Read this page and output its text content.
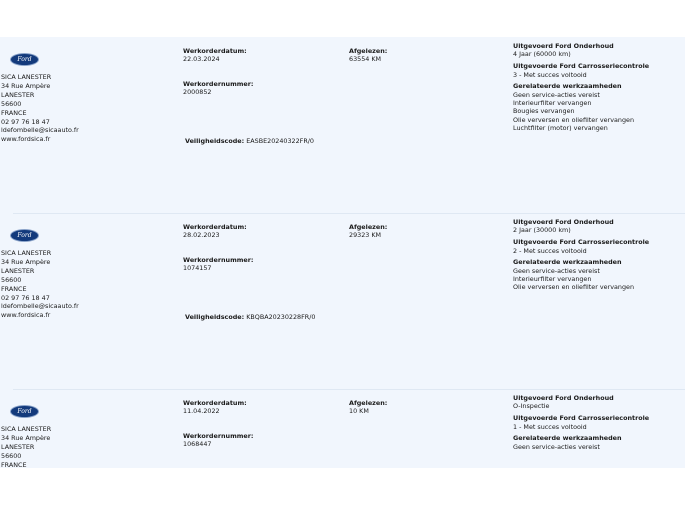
Ford
SICA LANESTER
34 Rue Ampère
LANESTER
56600
FRANCE
02 97 76 18 47
ldefombelle@sicaauto.fr
www.fordsica.fr
Werkorderdatum:
22.03.2024
Werkordernummer:
2000852
Afgelezen:
63554 KM
Veiligheidscode: EASBE20240322FR/0
Uitgevoerd Ford Onderhoud
4 Jaar (60000 km)
Uitgevoerde Ford Carrosseriecontrole
3 - Met succes voltooid
Gerelateerde werkzaamheden
Geen service-acties vereist
Interieurfilter vervangen
Bougies vervangen
Olie verversen en oliefilter vervangen
Luchtfilter (motor) vervangen
Ford
SICA LANESTER
34 Rue Ampère
LANESTER
56600
FRANCE
02 97 76 18 47
ldefombelle@sicaauto.fr
www.fordsica.fr
Werkorderdatum:
28.02.2023
Werkordernummer:
1074157
Afgelezen:
29323 KM
Veiligheidscode: KBQBA20230228FR/0
Uitgevoerd Ford Onderhoud
2 Jaar (30000 km)
Uitgevoerde Ford Carrosseriecontrole
2 - Met succes voltooid
Gerelateerde werkzaamheden
Geen service-acties vereist
Interieurfilter vervangen
Olie verversen en oliefilter vervangen
Ford
SICA LANESTER
34 Rue Ampère
LANESTER
56600
FRANCE
Werkorderdatum:
11.04.2022
Werkordernummer:
1068447
Afgelezen:
10 KM
Uitgevoerd Ford Onderhoud
O-Inspectie
Uitgevoerde Ford Carrosseriecontrole
1 - Met succes voltooid
Gerelateerde werkzaamheden
Geen service-acties vereist
